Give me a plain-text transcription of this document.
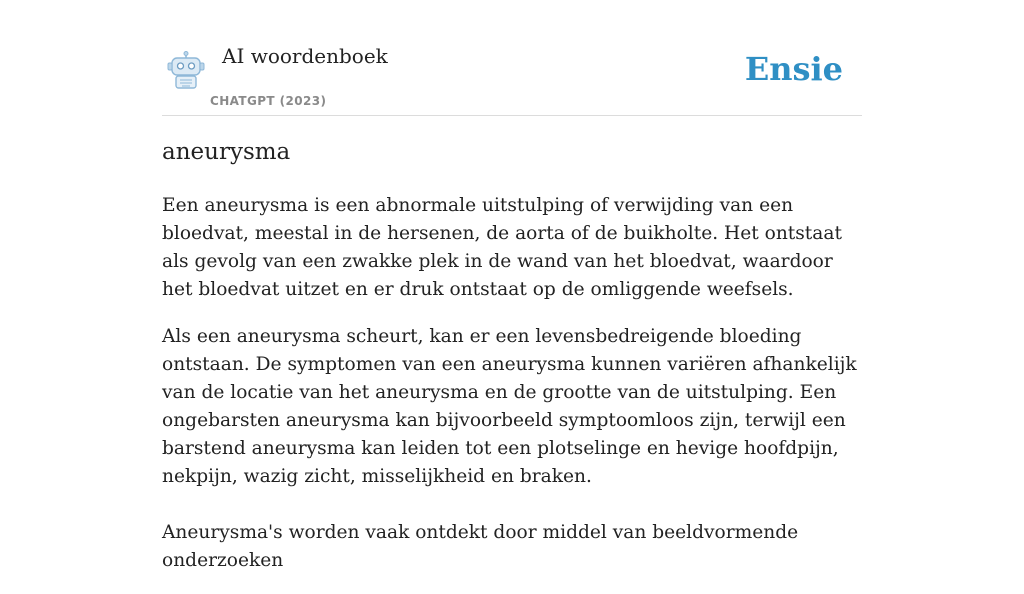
AI woordenboek
CHATGPT (2023)
Ensie
aneurysma

Een aneurysma is een abnormale uitstulping of verwijding van een bloedvat, meestal in de hersenen, de aorta of de buikholte. Het ontstaat als gevolg van een zwakke plek in de wand van het bloedvat, waardoor het bloedvat uitzet en er druk ontstaat op de omliggende weefsels.

Als een aneurysma scheurt, kan er een levensbedreigende bloeding ontstaan. De symptomen van een aneurysma kunnen variëren afhankelijk van de locatie van het aneurysma en de grootte van de uitstulping. Een ongebarsten aneurysma kan bijvoorbeeld symptoomloos zijn, terwijl een barstend aneurysma kan leiden tot een plotselinge en hevige hoofdpijn, nekpijn, wazig zicht, misselijkheid en braken.

Aneurysma's worden vaak ontdekt door middel van beeldvormende onderzoeken
